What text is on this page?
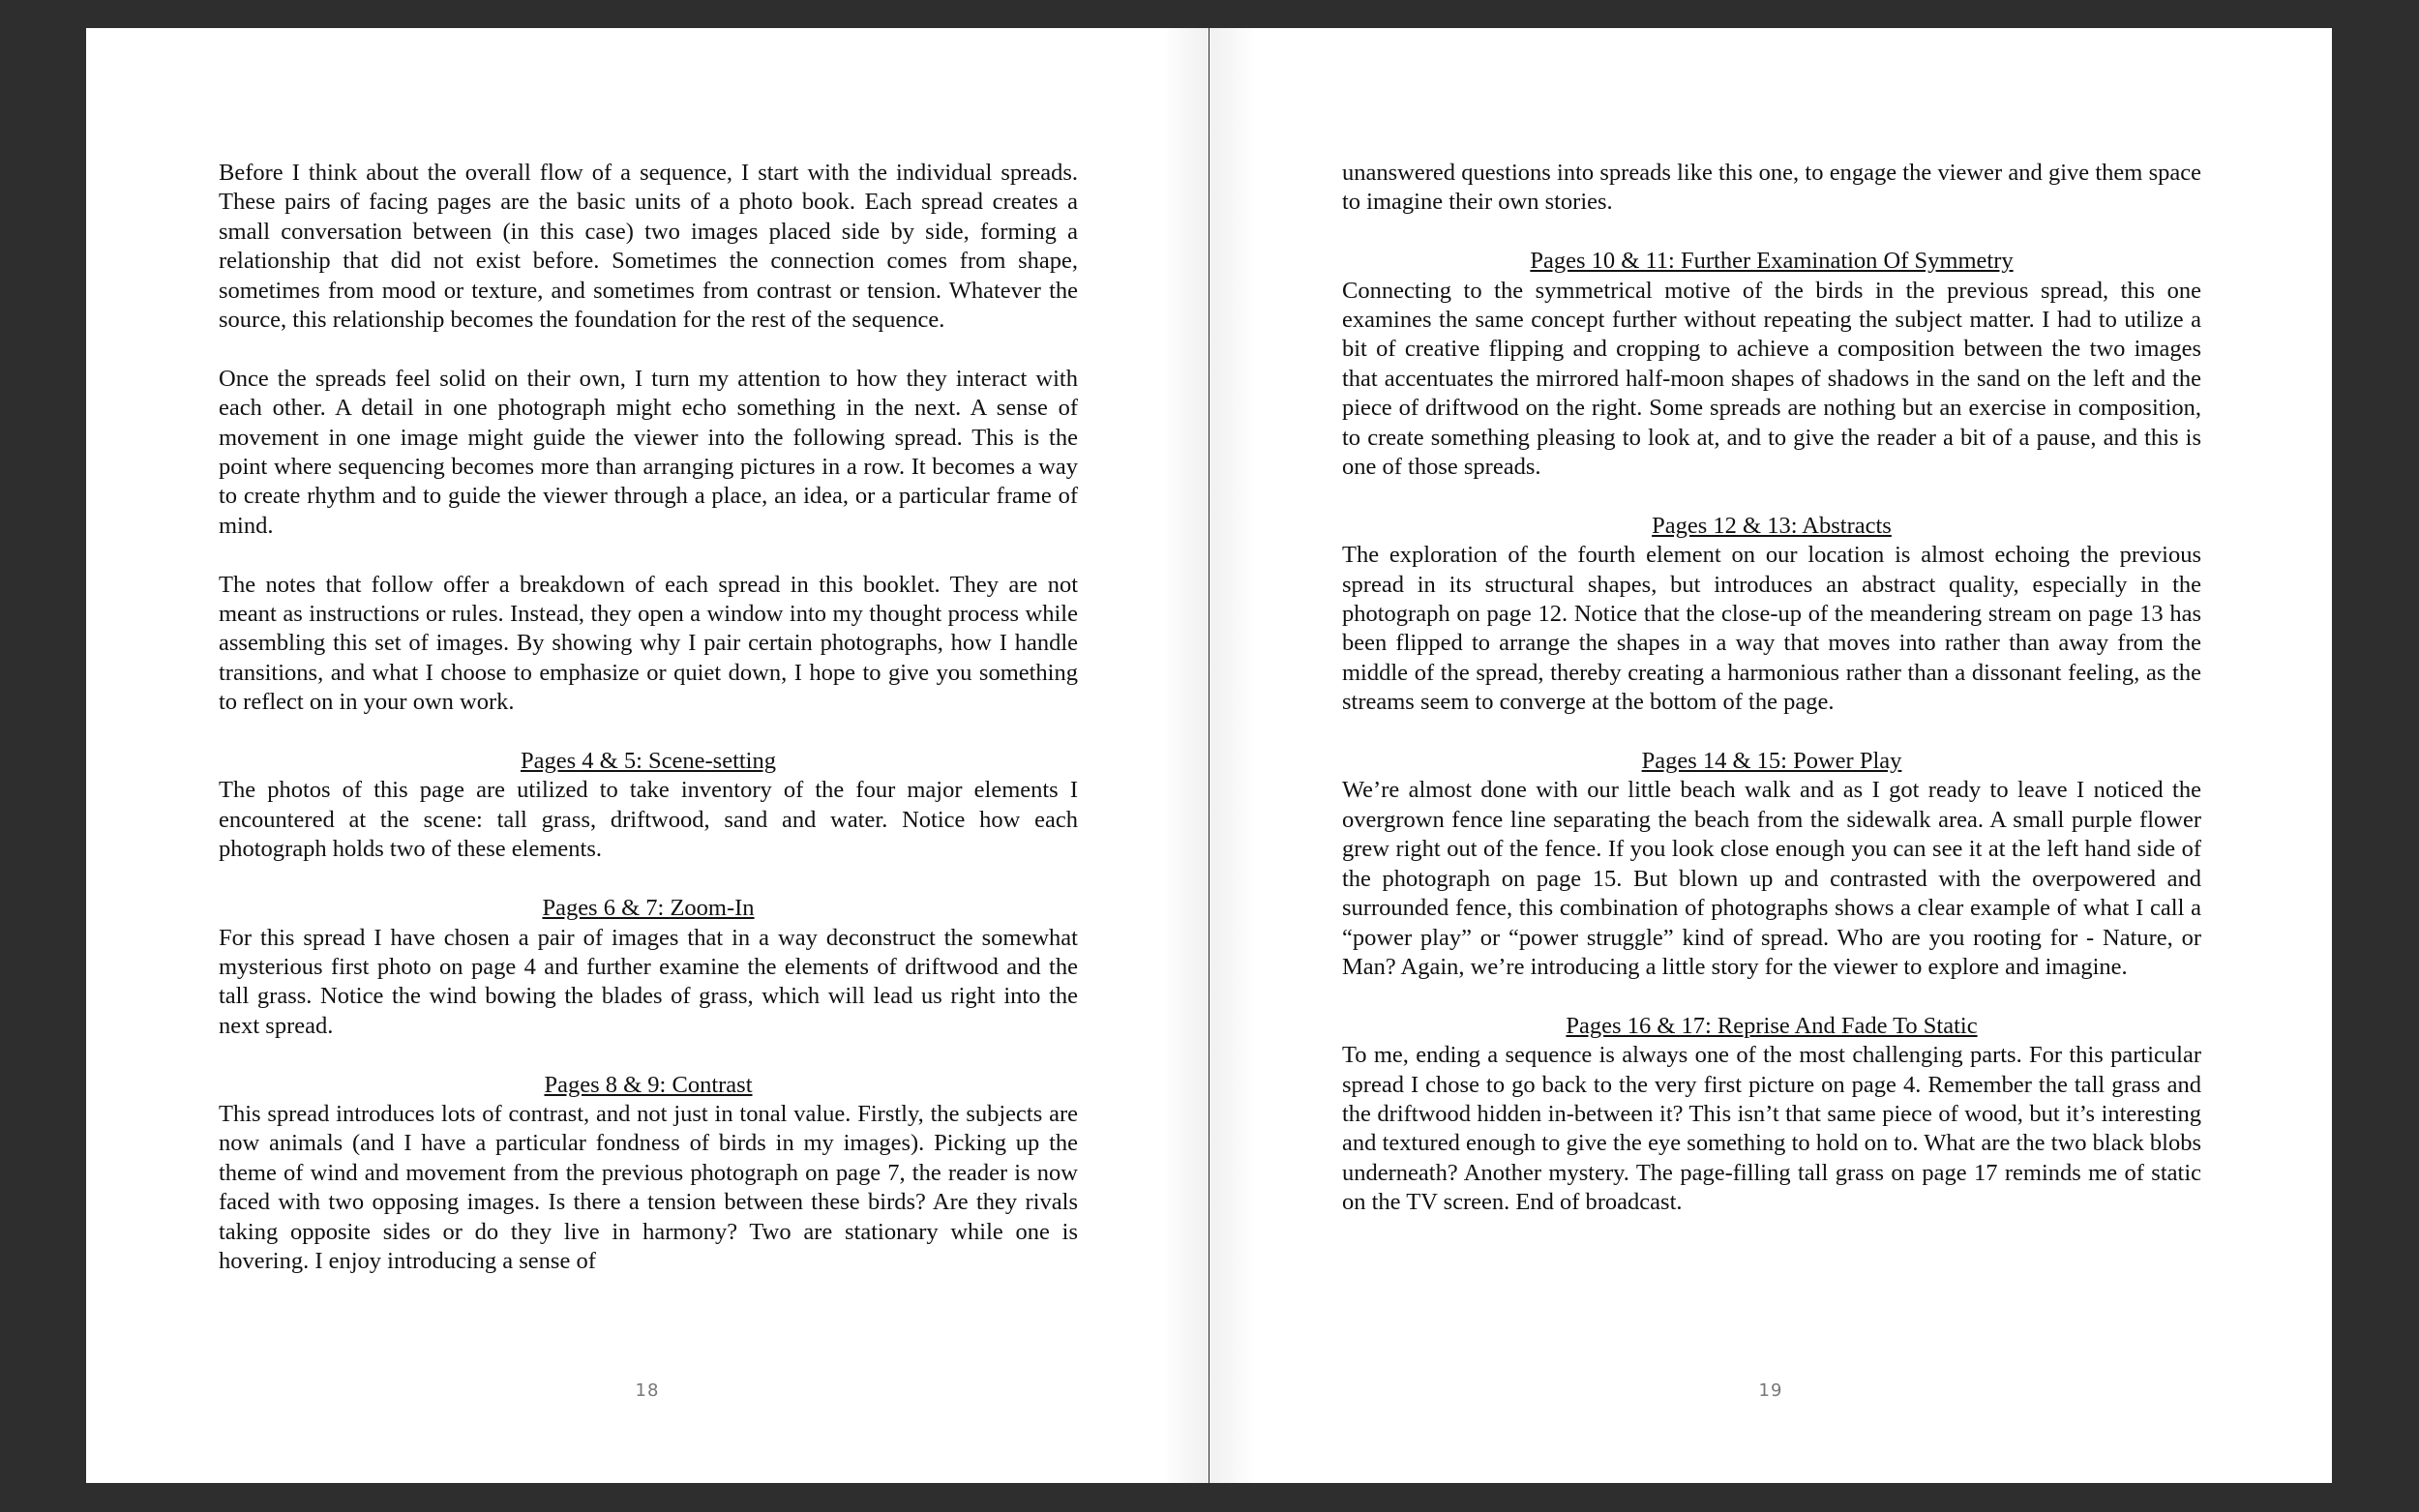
Before I think about the overall flow of a sequence, I start with the individual spreads. These pairs of facing pages are the basic units of a photo book. Each spread creates a small conversation between (in this case) two images placed side by side, forming a relationship that did not exist before. Sometimes the connection comes from shape, sometimes from mood or texture, and sometimes from contrast or tension. Whatever the source, this relationship becomes the foundation for the rest of the sequence.

Once the spreads feel solid on their own, I turn my attention to how they interact with each other. A detail in one photograph might echo something in the next. A sense of movement in one image might guide the viewer into the following spread. This is the point where sequencing becomes more than arranging pictures in a row. It becomes a way to create rhythm and to guide the viewer through a place, an idea, or a particular frame of mind.

The notes that follow offer a breakdown of each spread in this booklet. They are not meant as instructions or rules. Instead, they open a window into my thought process while assembling this set of images. By showing why I pair certain photographs, how I handle transitions, and what I choose to emphasize or quiet down, I hope to give you something to reflect on in your own work.

Pages 4 & 5: Scene-setting

The photos of this page are utilized to take inventory of the four major elements I encountered at the scene: tall grass, driftwood, sand and water. Notice how each photograph holds two of these elements.

Pages 6 & 7: Zoom-In

For this spread I have chosen a pair of images that in a way deconstruct the somewhat mysterious first photo on page 4 and further examine the elements of driftwood and the tall grass. Notice the wind bowing the blades of grass, which will lead us right into the next spread.

Pages 8 & 9: Contrast

This spread introduces lots of contrast, and not just in tonal value. Firstly, the subjects are now animals (and I have a particular fondness of birds in my images). Picking up the theme of wind and movement from the previous photograph on page 7, the reader is now faced with two opposing images. Is there a tension between these birds? Are they rivals taking opposite sides or do they live in harmony? Two are stationary while one is hovering. I enjoy introducing a sense of

18

unanswered questions into spreads like this one, to engage the viewer and give them space to imagine their own stories.

Pages 10 & 11: Further Examination Of Symmetry

Connecting to the symmetrical motive of the birds in the previous spread, this one examines the same concept further without repeating the subject matter. I had to utilize a bit of creative flipping and cropping to achieve a composition between the two images that accentuates the mirrored half-moon shapes of shadows in the sand on the left and the piece of driftwood on the right. Some spreads are nothing but an exercise in composition, to create something pleasing to look at, and to give the reader a bit of a pause, and this is one of those spreads.

Pages 12 & 13: Abstracts

The exploration of the fourth element on our location is almost echoing the previous spread in its structural shapes, but introduces an abstract quality, especially in the photograph on page 12. Notice that the close-up of the meandering stream on page 13 has been flipped to arrange the shapes in a way that moves into rather than away from the middle of the spread, thereby creating a harmonious rather than a dissonant feeling, as the streams seem to converge at the bottom of the page.

Pages 14 & 15: Power Play

We’re almost done with our little beach walk and as I got ready to leave I noticed the overgrown fence line separating the beach from the sidewalk area. A small purple flower grew right out of the fence. If you look close enough you can see it at the left hand side of the photograph on page 15. But blown up and contrasted with the overpowered and surrounded fence, this combination of photographs shows a clear example of what I call a “power play” or “power struggle” kind of spread. Who are you rooting for - Nature, or Man? Again, we’re introducing a little story for the viewer to explore and imagine.

Pages 16 & 17: Reprise And Fade To Static

To me, ending a sequence is always one of the most challenging parts. For this particular spread I chose to go back to the very first picture on page 4. Remember the tall grass and the driftwood hidden in-between it? This isn’t that same piece of wood, but it’s interesting and textured enough to give the eye something to hold on to. What are the two black blobs underneath? Another mystery. The page-filling tall grass on page 17 reminds me of static on the TV screen. End of broadcast.

19
